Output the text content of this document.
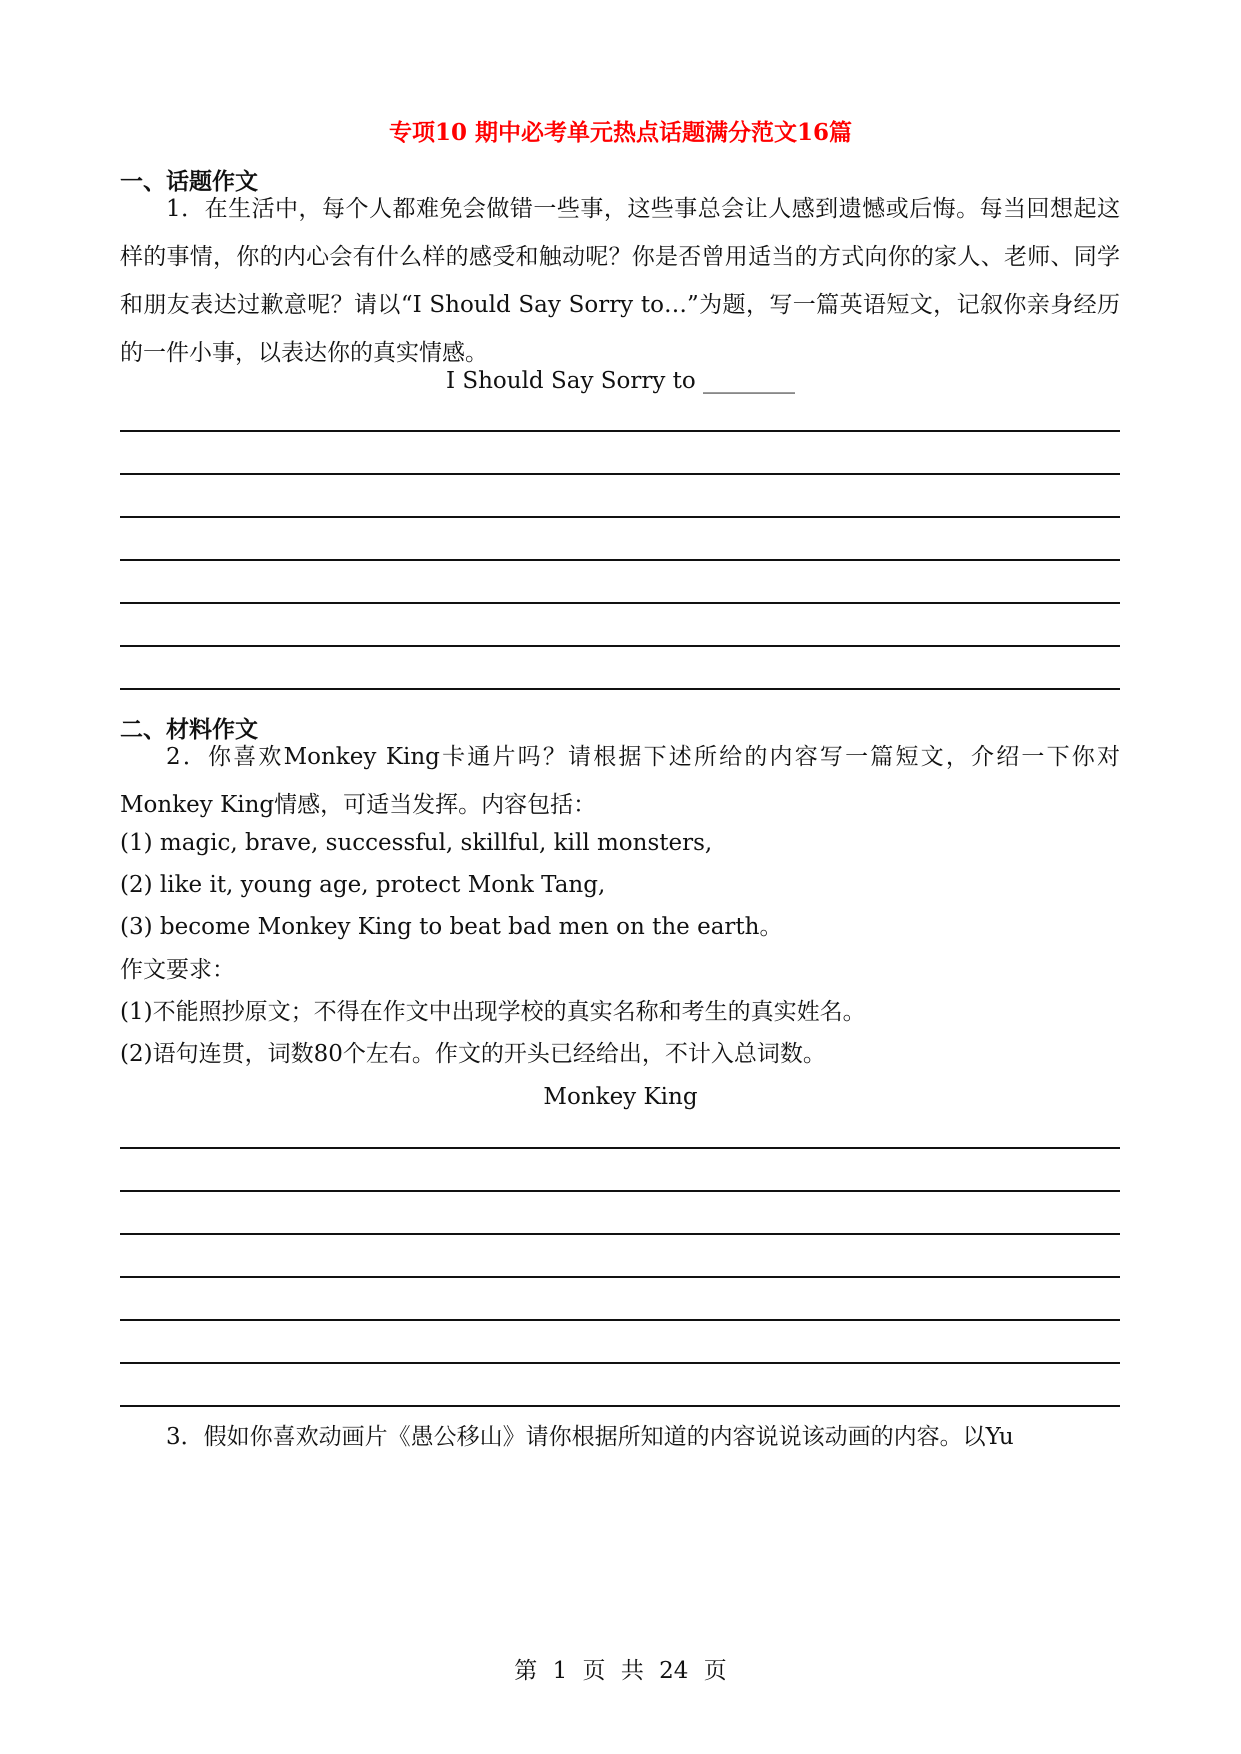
专项10 期中必考单元热点话题满分范文16篇
一、话题作文
1．在生活中，每个人都难免会做错一些事，这些事总会让人感到遗憾或后悔。每当回想起这样的事情，你的内心会有什么样的感受和触动呢？你是否曾用适当的方式向你的家人、老师、同学和朋友表达过歉意呢？请以“I Should Say Sorry to…”为题，写一篇英语短文，记叙你亲身经历的一件小事，以表达你的真实情感。
I Should Say Sorry to ________
二、材料作文
2．你喜欢Monkey King卡通片吗？请根据下述所给的内容写一篇短文，介绍一下你对Monkey King情感，可适当发挥。内容包括：
(1) magic, brave, successful, skillful, kill monsters,
(2) like it, young age, protect Monk Tang,
(3) become Monkey King to beat bad men on the earth。
作文要求：
(1)不能照抄原文；不得在作文中出现学校的真实名称和考生的真实姓名。
(2)语句连贯，词数80个左右。作文的开头已经给出，不计入总词数。
Monkey King
3．假如你喜欢动画片《愚公移山》请你根据所知道的内容说说该动画的内容。以Yu
第 1 页 共 24 页
